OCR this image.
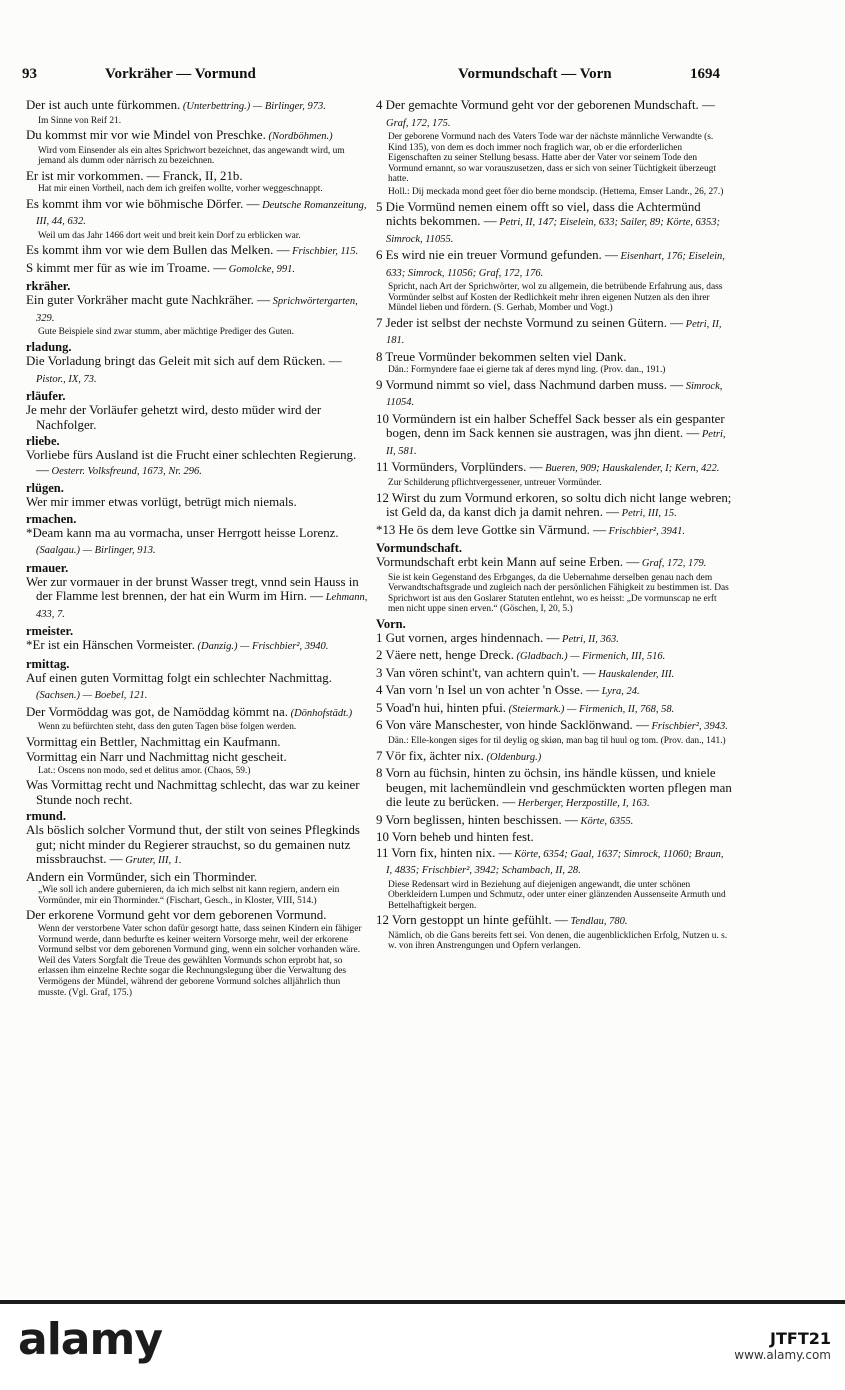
93	Vorkräher — Vormund	Vormundschaft — Vorn	1694
Der ist auch unte fürkommen. (Unterbettring.) — Birlinger, 973.
Im Sinne von Reif 21.
Du kommst mir vor wie Mindel von Preschke. (Nordböhmen.)
Wird vom Einsender als ein altes Sprichwort bezeichnet, das angewandt wird, um jemand als dumm oder närrisch zu bezeichnen.
Er ist mir vorkommen. — Franck, II, 21b.
Hat mir einen Vortheil, nach dem ich greifen wollte, vorher weggeschnappt.
Es kommt ihm vor wie böhmische Dörfer. — Deutsche Romanzeitung, III, 44, 632.
Weil um das Jahr 1466 dort weit und breit kein Dorf zu erblicken war.
Es kommt ihm vor wie dem Bullen das Melken. — Frischbier, 115.
S kimmt mer für as wie im Troame. — Gomolcke, 991.
rkräher.
Ein guter Vorkräher macht gute Nachkräher. — Sprichwörtergarten, 329.
Gute Beispiele sind zwar stumm, aber mächtige Prediger des Guten.
rladung.
Die Vorladung bringt das Geleit mit sich auf dem Rücken. — Pistor., IX, 73.
rläufer.
Je mehr der Vorläufer gehetzt wird, desto müder wird der Nachfolger.
rliebe.
Vorliebe fürs Ausland ist die Frucht einer schlechten Regierung. — Oesterr. Volksfreund, 1673, Nr. 296.
rlügen.
Wer mir immer etwas vorlügt, betrügt mich niemals.
rmachen.
*Deam kann ma au vormacha, unser Herrgott heisse Lorenz. (Saalgau.) — Birlinger, 913.
rmauer.
Wer zur vormauer in der brunst Wasser tregt, vnnd sein Hauss in der Flamme lest brennen, der hat ein Wurm im Hirn. — Lehmann, 433, 7.
rmeister.
*Er ist ein Hänschen Vormeister. (Danzig.) — Frischbier², 3940.
rmittag.
Auf einen guten Vormittag folgt ein schlechter Nachmittag. (Sachsen.) — Boebel, 121.
Der Vormöddag was got, de Namöddag kömmt na. (Dönhofstädt.)
Wenn zu befürchten steht, dass den guten Tagen böse folgen werden.
Vormittag ein Bettler, Nachmittag ein Kaufmann.
Vormittag ein Narr und Nachmittag nicht gescheit.
Lat.: Oscens non modo, sed et delitus amor. (Chaos, 59.)
Was Vormittag recht und Nachmittag schlecht, das war zu keiner Stunde noch recht.
rmund.
Als böslich solcher Vormund thut, der stilt von seines Pflegkinds gut; nicht minder du Regierer strauchst, so du gemainen nutz missbrauchst. — Gruter, III, 1.
Andern ein Vormünder, sich ein Thorminder.
„Wie soll ich andere gubernieren, da ich mich selbst nit kann regiern, andern ein Vormünder, mir ein Thorminder.“ (Fischart, Gesch., in Kloster, VIII, 514.)
Der erkorene Vormund geht vor dem geborenen Vormund.
Wenn der verstorbene Vater schon dafür gesorgt hatte, dass seinen Kindern ein fähiger Vormund werde, dann bedurfte es keiner weitern Vorsorge mehr, weil der erkorene Vormund selbst vor dem geborenen Vormund ging, wenn ein solcher vorhanden wäre. Weil des Vaters Sorgfalt die Treue des gewählten Vormunds schon erprobt hat, so erlassen ihm einzelne Rechte sogar die Rechnungslegung über die Verwaltung des Vermögens der Mündel, während der geborene Vormund solches alljährlich thun musste. (Vgl. Graf, 175.)
4 Der gemachte Vormund geht vor der geborenen Mundschaft. — Graf, 172, 175.
Der geborene Vormund nach des Vaters Tode war der nächste männliche Verwandte (s. Kind 135), von dem es doch immer noch fraglich war, ob er die erforderlichen Eigenschaften zu seiner Stellung besass. Hatte aber der Vater vor seinem Tode den Vormund ernannt, so war vorauszusetzen, dass er sich von seiner Tüchtigkeit überzeugt hatte.
Holl.: Dij meckada mond geet föer dio berne mondscip. (Hettema, Emser Landr., 26, 27.)
5 Die Vormünd nemen einem offt so viel, dass die Achtermünd nichts bekommen. — Petri, II, 147; Eiselein, 633; Sailer, 89; Körte, 6353; Simrock, 11055.
6 Es wird nie ein treuer Vormund gefunden. — Eisenhart, 176; Eiselein, 633; Simrock, 11056; Graf, 172, 176.
Spricht, nach Art der Sprichwörter, wol zu allgemein, die betrübende Erfahrung aus, dass Vormünder selbst auf Kosten der Redlichkeit mehr ihren eigenen Nutzen als den ihrer Mündel lieben und fördern. (S. Gerhab, Momber und Vogt.)
7 Jeder ist selbst der nechste Vormund zu seinen Gütern. — Petri, II, 181.
8 Treue Vormünder bekommen selten viel Dank.
Dän.: Formyndere faae ei gierne tak af deres mynd ling. (Prov. dan., 191.)
9 Vormund nimmt so viel, dass Nachmund darben muss. — Simrock, 11054.
10 Vormündern ist ein halber Scheffel Sack besser als ein gespanter bogen, denn im Sack kennen sie austragen, was jhn dient. — Petri, II, 581.
11 Vormünders, Vorplünders. — Bueren, 909; Hauskalender, I; Kern, 422.
Zur Schilderung pflichtvergessener, untreuer Vormünder.
12 Wirst du zum Vormund erkoren, so soltu dich nicht lange webren; ist Geld da, da kanst dich ja damit nehren. — Petri, III, 15.
*13 He ös dem leve Gottke sin Vărmund. — Frischbier², 3941.
Vormundschaft.
Vormundschaft erbt kein Mann auf seine Erben. — Graf, 172, 179.
Sie ist kein Gegenstand des Erbganges, da die Uebernahme derselben genau nach dem Verwandtschaftsgrade und zugleich nach der persönlichen Fähigkeit zu bestimmen ist. Das Sprichwort ist aus den Goslarer Statuten entlehnt, wo es heisst: „De vormunscap ne erft men nicht uppe sinen erven.“ (Göschen, I, 20, 5.)
Vorn.
1 Gut vornen, arges hindennach. — Petri, II, 363.
2 Väere nett, henge Dreck. (Gladbach.) — Firmenich, III, 516.
3 Van vören schint't, van achtern quin't. — Hauskalender, III.
4 Van vorn 'n Isel un von achter 'n Osse. — Lyra, 24.
5 Voad'n hui, hinten pfui. (Steiermark.) — Firmenich, II, 768, 58.
6 Von väre Manschester, von hinde Sacklönwand. — Frischbier², 3943.
Dän.: Elle-kongen siges for til deylig og skiøn, man bag til huul og tom. (Prov. dan., 141.)
7 Vör fix, ächter nix. (Oldenburg.)
8 Vorn au füchsin, hinten zu öchsin, ins händle küssen, und kniele beugen, mit lachemündlein vnd geschmückten worten pflegen man die leute zu berücken. — Herberger, Herzpostille, I, 163.
9 Vorn beglissen, hinten beschissen. — Körte, 6355.
10 Vorn beheb und hinten fest.
11 Vorn fix, hinten nix. — Körte, 6354; Gaal, 1637; Simrock, 11060; Braun, I, 4835; Frischbier², 3942; Schambach, II, 28.
Diese Redensart wird in Beziehung auf diejenigen angewandt, die unter schönen Oberkleidern Lumpen und Schmutz, oder unter einer glänzenden Aussenseite Armuth und Bettelhaftigkeit bergen.
12 Vorn gestoppt un hinte gefühlt. — Tendlau, 780.
Nämlich, ob die Gans bereits fett sei. Von denen, die augenblicklichen Erfolg, Nutzen u. s. w. von ihren Anstrengungen und Opfern verlangen.
alamy	JTFT21
www.alamy.com
